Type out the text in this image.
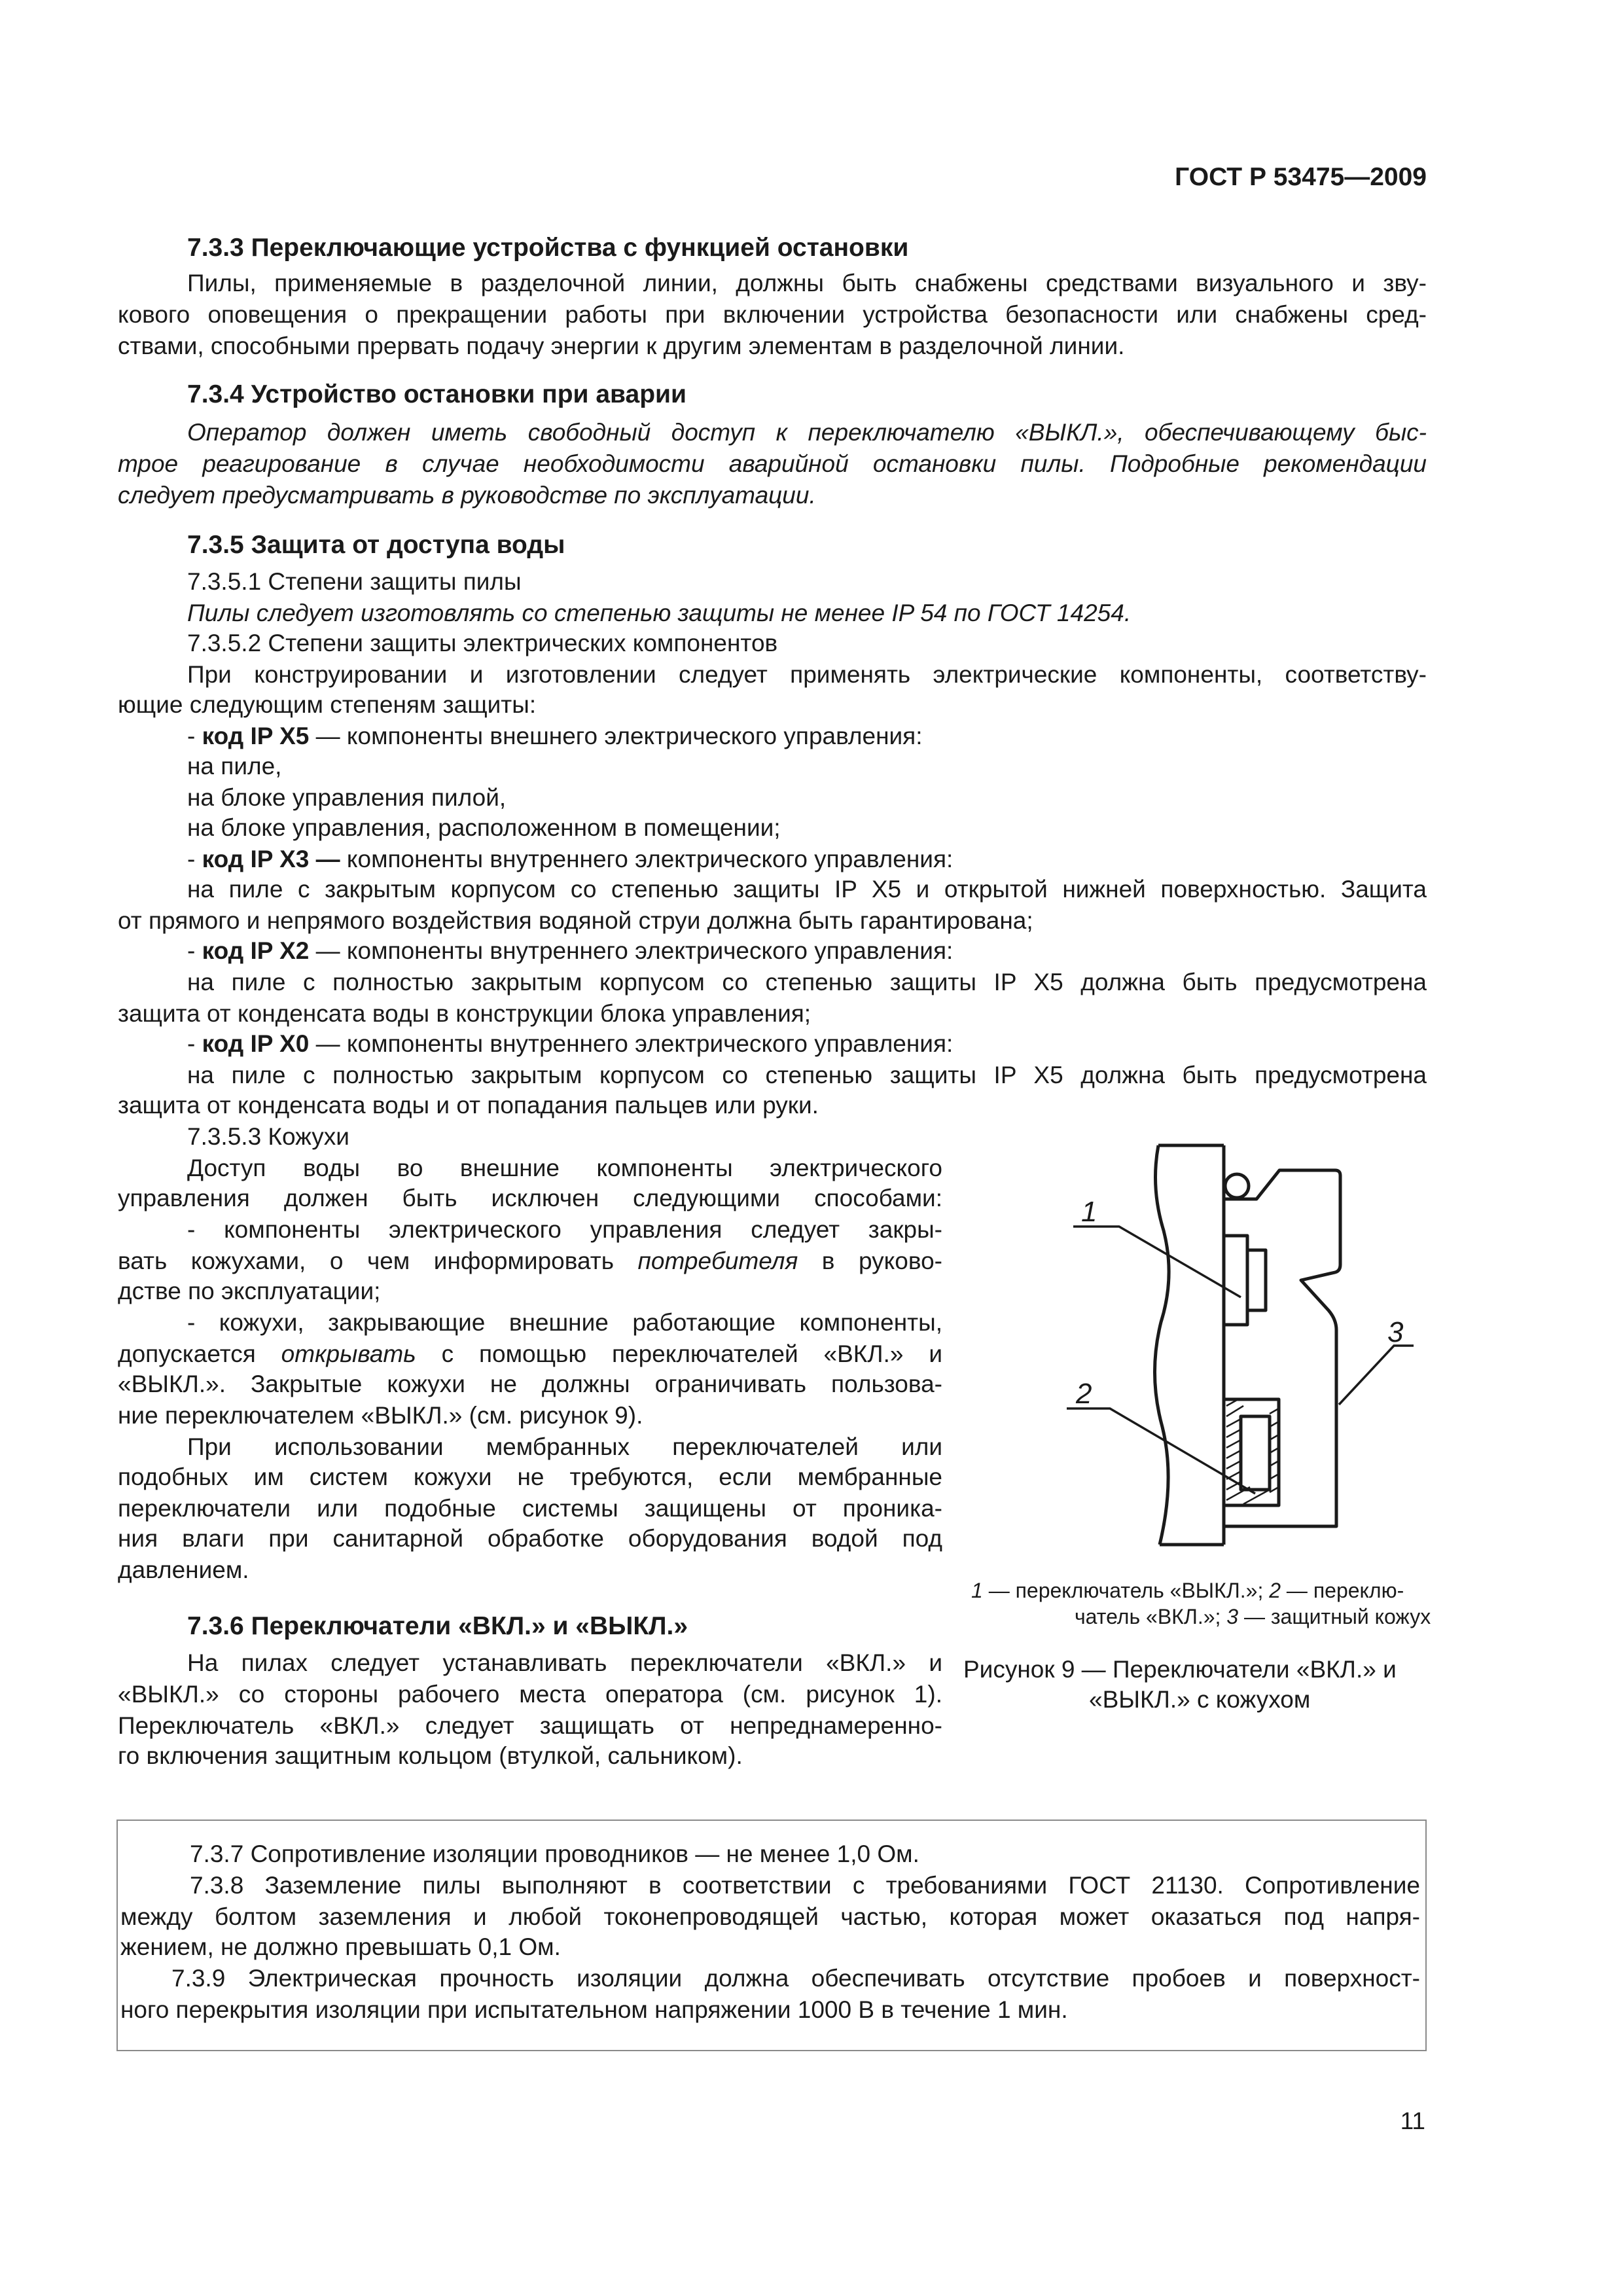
ГОСТ Р 53475—2009
7.3.3 Переключающие устройства с функцией остановки
Пилы, применяемые в разделочной линии, должны быть снабжены средствами визуального и зву-
кового оповещения о прекращении работы при включении устройства безопасности или снабжены сред-
ствами, способными прервать подачу энергии к другим элементам в разделочной линии.
7.3.4 Устройство остановки при аварии
Оператор должен иметь свободный доступ к переключателю «ВЫКЛ.», обеспечивающему быс-
трое реагирование в случае необходимости аварийной остановки пилы. Подробные рекомендации
следует предусматривать в руководстве по эксплуатации.
7.3.5 Защита от доступа воды
7.3.5.1 Степени защиты пилы
Пилы следует изготовлять со степенью защиты не менее IP 54 по ГОСТ 14254.
7.3.5.2 Степени защиты электрических компонентов
При конструировании и изготовлении следует применять электрические компоненты, соответству-
ющие следующим степеням защиты:
- код IP X5 — компоненты внешнего электрического управления:
на пиле,
на блоке управления пилой,
на блоке управления, расположенном в помещении;
- код IP X3 — компоненты внутреннего электрического управления:
на пиле с закрытым корпусом со степенью защиты IP X5 и открытой нижней поверхностью. Защита
от прямого и непрямого воздействия водяной струи должна быть гарантирована;
- код IP X2 — компоненты внутреннего электрического управления:
на пиле с полностью закрытым корпусом со степенью защиты IP X5 должна быть предусмотрена
защита от конденсата воды в конструкции блока управления;
- код IP X0 — компоненты внутреннего электрического управления:
на пиле с полностью закрытым корпусом со степенью защиты IP X5 должна быть предусмотрена
защита от конденсата воды и от попадания пальцев или руки.
7.3.5.3 Кожухи
Доступ воды во внешние компоненты электрического
управления должен быть исключен следующими способами:
- компоненты электрического управления следует закры-
вать кожухами, о чем информировать потребителя в руково-
дстве по эксплуатации;
- кожухи, закрывающие внешние работающие компоненты,
допускается открывать с помощью переключателей «ВКЛ.» и
«ВЫКЛ.». Закрытые кожухи не должны ограничивать пользова-
ние переключателем «ВЫКЛ.» (см. рисунок 9).
При использовании мембранных переключателей или
подобных им систем кожухи не требуются, если мембранные
переключатели или подобные системы защищены от проника-
ния влаги при санитарной обработке оборудования водой под
давлением.
7.3.6 Переключатели «ВКЛ.» и «ВЫКЛ.»
На пилах следует устанавливать переключатели «ВКЛ.» и
«ВЫКЛ.» со стороны рабочего места оператора (см. рисунок 1).
Переключатель «ВКЛ.» следует защищать от непреднамеренно-
го включения защитным кольцом (втулкой, сальником).
1
2
3
1 — переключатель «ВЫКЛ.»; 2 — переклю-
чатель «ВКЛ.»; 3 — защитный кожух
Рисунок 9 — Переключатели «ВКЛ.» и
«ВЫКЛ.» с кожухом
7.3.7 Сопротивление изоляции проводников — не менее 1,0 Ом.
7.3.8 Заземление пилы выполняют в соответствии с требованиями ГОСТ 21130. Сопротивление
между болтом заземления и любой токонепроводящей частью, которая может оказаться под напря-
жением, не должно превышать 0,1 Ом.
7.3.9 Электрическая прочность изоляции должна обеспечивать отсутствие пробоев и поверхност-
ного перекрытия изоляции при испытательном напряжении 1000 В в течение 1 мин.
11
